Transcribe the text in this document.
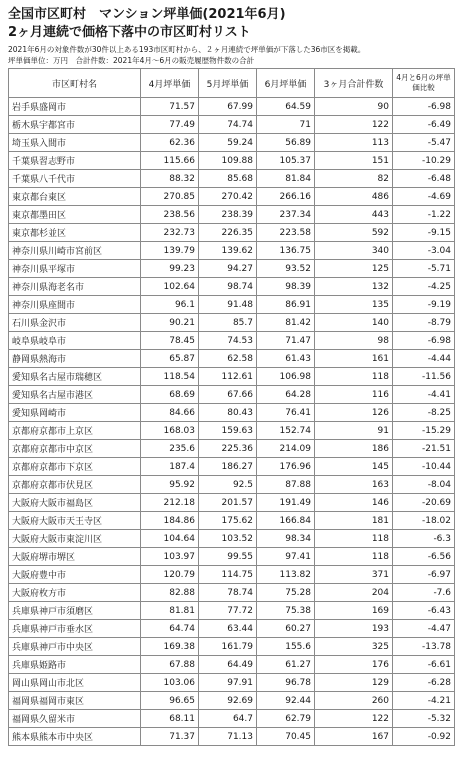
全国市区町村　マンション坪単価(2021年6月)
2ヶ月連続で価格下落中の市区町村リスト
2021年6月の対象件数が30件以上ある193市区町村から、２ヶ月連続で坪単価が下落した36市区を掲載。
坪単価単位：万円　合計件数：2021年4月～6月の販売履歴物件数の合計
市区町村名	4月坪単価	5月坪単価	6月坪単価	3ヶ月合計件数	4月と6月の坪単価比較
岩手県盛岡市	71.57	67.99	64.59	90	-6.98
栃木県宇都宮市	77.49	74.74	71	122	-6.49
埼玉県入間市	62.36	59.24	56.89	113	-5.47
千葉県習志野市	115.66	109.88	105.37	151	-10.29
千葉県八千代市	88.32	85.68	81.84	82	-6.48
東京都台東区	270.85	270.42	266.16	486	-4.69
東京都墨田区	238.56	238.39	237.34	443	-1.22
東京都杉並区	232.73	226.35	223.58	592	-9.15
神奈川県川崎市宮前区	139.79	139.62	136.75	340	-3.04
神奈川県平塚市	99.23	94.27	93.52	125	-5.71
神奈川県海老名市	102.64	98.74	98.39	132	-4.25
神奈川県座間市	96.1	91.48	86.91	135	-9.19
石川県金沢市	90.21	85.7	81.42	140	-8.79
岐阜県岐阜市	78.45	74.53	71.47	98	-6.98
静岡県熱海市	65.87	62.58	61.43	161	-4.44
愛知県名古屋市瑞穂区	118.54	112.61	106.98	118	-11.56
愛知県名古屋市港区	68.69	67.66	64.28	116	-4.41
愛知県岡崎市	84.66	80.43	76.41	126	-8.25
京都府京都市上京区	168.03	159.63	152.74	91	-15.29
京都府京都市中京区	235.6	225.36	214.09	186	-21.51
京都府京都市下京区	187.4	186.27	176.96	145	-10.44
京都府京都市伏見区	95.92	92.5	87.88	163	-8.04
大阪府大阪市福島区	212.18	201.57	191.49	146	-20.69
大阪府大阪市天王寺区	184.86	175.62	166.84	181	-18.02
大阪府大阪市東淀川区	104.64	103.52	98.34	118	-6.3
大阪府堺市堺区	103.97	99.55	97.41	118	-6.56
大阪府豊中市	120.79	114.75	113.82	371	-6.97
大阪府枚方市	82.88	78.74	75.28	204	-7.6
兵庫県神戸市須磨区	81.81	77.72	75.38	169	-6.43
兵庫県神戸市垂水区	64.74	63.44	60.27	193	-4.47
兵庫県神戸市中央区	169.38	161.79	155.6	325	-13.78
兵庫県姫路市	67.88	64.49	61.27	176	-6.61
岡山県岡山市北区	103.06	97.91	96.78	129	-6.28
福岡県福岡市東区	96.65	92.69	92.44	260	-4.21
福岡県久留米市	68.11	64.7	62.79	122	-5.32
熊本県熊本市中央区	71.37	71.13	70.45	167	-0.92
